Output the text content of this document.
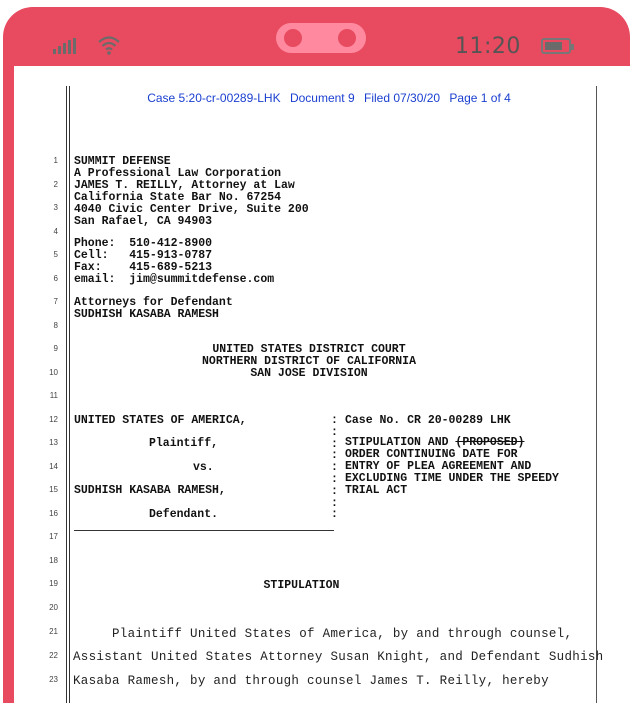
11:20
Case 5:20-cr-00289-LHK Document 9 Filed 07/30/20 Page 1 of 4
1
2
3
4
5
6
7
8
9
10
11
12
13
14
15
16
17
18
19
20
21
22
23
SUMMIT DEFENSE
A Professional Law Corporation
JAMES T. REILLY, Attorney at Law
California State Bar No. 67254
4040 Civic Center Drive, Suite 200
San Rafael, CA 94903
Phone:  510-412-8900
Cell:   415-913-0787
Fax:    415-689-5213
email:  jim@summitdefense.com
Attorneys for Defendant
SUDHISH KASABA RAMESH
UNITED STATES DISTRICT COURT
NORTHERN DISTRICT OF CALIFORNIA
SAN JOSE DIVISION
UNITED STATES OF AMERICA,
Plaintiff,
vs.
SUDHISH KASABA RAMESH,
Defendant.
:
:
:
:
:
:
:
:
:
Case No. CR 20-00289 LHK
STIPULATION AND (PROPOSED)
ORDER CONTINUING DATE FOR
ENTRY OF PLEA AGREEMENT AND
EXCLUDING TIME UNDER THE SPEEDY
TRIAL ACT
STIPULATION
Plaintiff United States of America, by and through counsel,
Assistant United States Attorney Susan Knight, and Defendant Sudhish
Kasaba Ramesh, by and through counsel James T. Reilly, hereby
